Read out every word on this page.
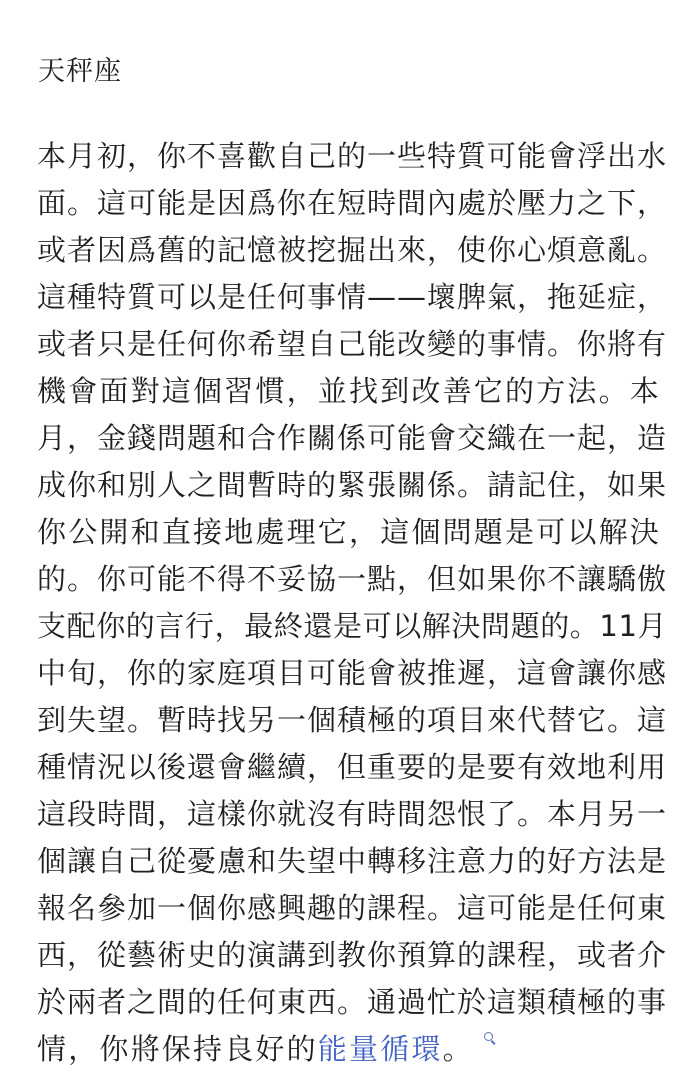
天秤座
本月初，你不喜歡自己的一些特質可能會浮出水
面。這可能是因爲你在短時間內處於壓力之下，
或者因爲舊的記憶被挖掘出來，使你心煩意亂。
這種特質可以是任何事情——壞脾氣，拖延症，
或者只是任何你希望自己能改變的事情。你將有
機會面對這個習慣，並找到改善它的方法。本
月，金錢問題和合作關係可能會交織在一起，造
成你和別人之間暫時的緊張關係。請記住，如果
你公開和直接地處理它，這個問題是可以解決
的。你可能不得不妥協一點，但如果你不讓驕傲
支配你的言行，最終還是可以解決問題的。11月
中旬，你的家庭項目可能會被推遲，這會讓你感
到失望。暫時找另一個積極的項目來代替它。這
種情況以後還會繼續，但重要的是要有效地利用
這段時間，這樣你就沒有時間怨恨了。本月另一
個讓自己從憂慮和失望中轉移注意力的好方法是
報名參加一個你感興趣的課程。這可能是任何東
西，從藝術史的演講到教你預算的課程，或者介
於兩者之間的任何東西。通過忙於這類積極的事
情，你將保持良好的能量循環。
